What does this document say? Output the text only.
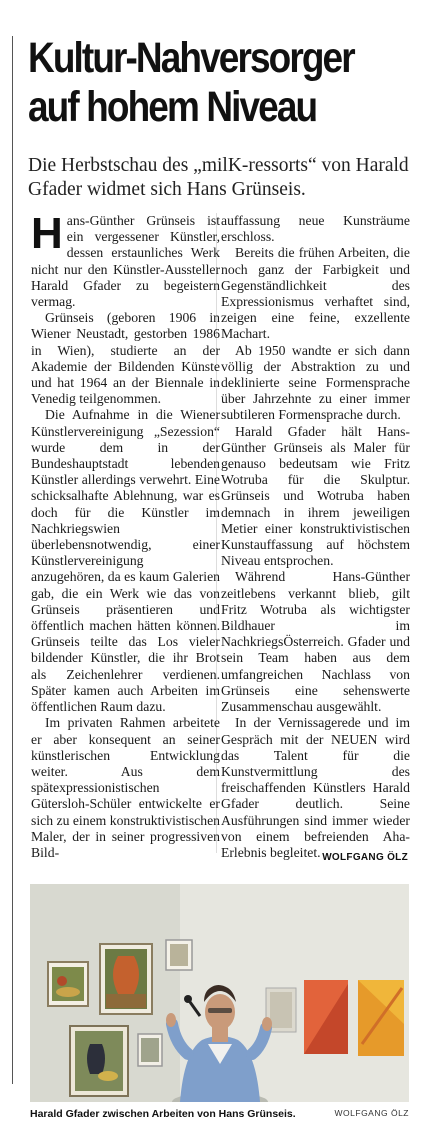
Kultur-Nahversorger
auf hohem Niveau

Die Herbstschau des „milK-ressorts“ von Harald Gfader widmet sich Hans Grünseis.

Hans-Günther Grünseis ist ein vergessener Künstler, dessen erstaunliches Werk nicht nur den Künstler-Aussteller Harald Gfader zu begeistern vermag.

Grünseis (geboren 1906 in Wiener Neustadt, gestorben 1986 in Wien), studierte an der Akademie der Bildenden Künste und hat 1964 an der Biennale in Venedig teilgenommen.

Die Aufnahme in die Wiener Künstlervereinigung „Sezession“ wurde dem in der Bundeshauptstadt lebenden Künstler allerdings verwehrt. Eine schicksalhafte Ablehnung, war es doch für die Künstler im Nachkriegswien überlebensnotwendig, einer Künstlervereinigung anzugehören, da es kaum Galerien gab, die ein Werk wie das von Grünseis präsentieren und öffentlich machen hätten können. Grünseis teilte das Los vieler bildender Künstler, die ihr Brot als Zeichenlehrer verdienen. Später kamen auch Arbeiten im öffentlichen Raum dazu.

Im privaten Rahmen arbeitete er aber konsequent an seiner künstlerischen Entwicklung weiter. Aus dem spätexpressionistischen Gütersloh-Schüler entwickelte er sich zu einem konstruktivistischen Maler, der in seiner progressiven Bild-

auffassung neue Kunsträume erschloss.

Bereits die frühen Arbeiten, die noch ganz der Farbigkeit und Gegenständlichkeit des Expressionismus verhaftet sind, zeigen eine feine, exzellente Machart.

Ab 1950 wandte er sich dann völlig der Abstraktion zu und deklinierte seine Formensprache über Jahrzehnte zu einer immer subtileren Formensprache durch.

Harald Gfader hält Hans-Günther Grünseis als Maler für genauso bedeutsam wie Fritz Wotruba für die Skulptur. Grünseis und Wotruba haben demnach in ihrem jeweiligen Metier einer konstruktivistischen Kunstauffassung auf höchstem Niveau entsprochen.

Während Hans-Günther zeitlebens verkannt blieb, gilt Fritz Wotruba als wichtigster Bildhauer im NachkriegsÖsterreich. Gfader und sein Team haben aus dem umfangreichen Nachlass von Grünseis eine sehenswerte Zusammenschau ausgewählt.

In der Vernissagerede und im Gespräch mit der NEUEN wird das Talent für die Kunstvermittlung des freischaffenden Künstlers Harald Gfader deutlich. Seine Ausführungen sind immer wieder von einem befreienden Aha-Erlebnis begleitet. WOLFGANG ÖLZ
Harald Gfader zwischen Arbeiten von Hans Grünseis.	WOLFGANG ÖLZ
